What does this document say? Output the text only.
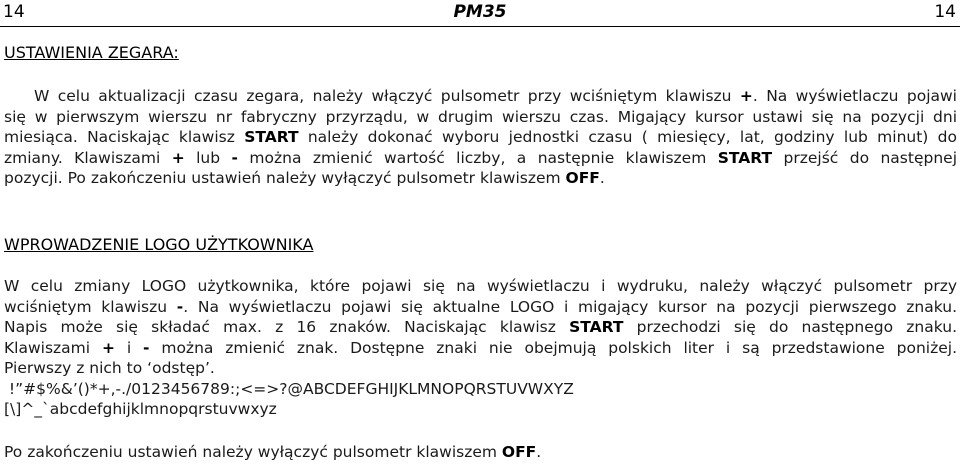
14	PM35	14
USTAWIENIA ZEGARA:
W celu aktualizacji czasu zegara, należy włączyć pulsometr przy wciśniętym klawiszu +. Na wyświetlaczu pojawi
się w pierwszym wierszu nr fabryczny przyrządu, w drugim wierszu czas. Migający kursor ustawi się na pozycji dni
miesiąca. Naciskając klawisz START należy dokonać wyboru jednostki czasu ( miesięcy, lat, godziny lub minut) do
zmiany. Klawiszami + lub - można zmienić wartość liczby, a następnie klawiszem START przejść do następnej
pozycji. Po zakończeniu ustawień należy wyłączyć pulsometr klawiszem OFF.
WPROWADZENIE LOGO UŻYTKOWNIKA
W celu zmiany LOGO użytkownika, które pojawi się na wyświetlaczu i wydruku, należy włączyć pulsometr przy
wciśniętym klawiszu -. Na wyświetlaczu pojawi się aktualne LOGO i migający kursor na pozycji pierwszego znaku.
Napis może się składać max. z 16 znaków. Naciskając klawisz START przechodzi się do następnego znaku.
Klawiszami + i - można zmienić znak. Dostępne znaki nie obejmują polskich liter i są przedstawione poniżej.
Pierwszy z nich to ‘odstęp’.
!”#$%&’()*+,-./0123456789:;<=>?@ABCDEFGHIJKLMNOPQRSTUVWXYZ
[\]^_`abcdefghijklmnopqrstuvwxyz
Po zakończeniu ustawień należy wyłączyć pulsometr klawiszem OFF.
